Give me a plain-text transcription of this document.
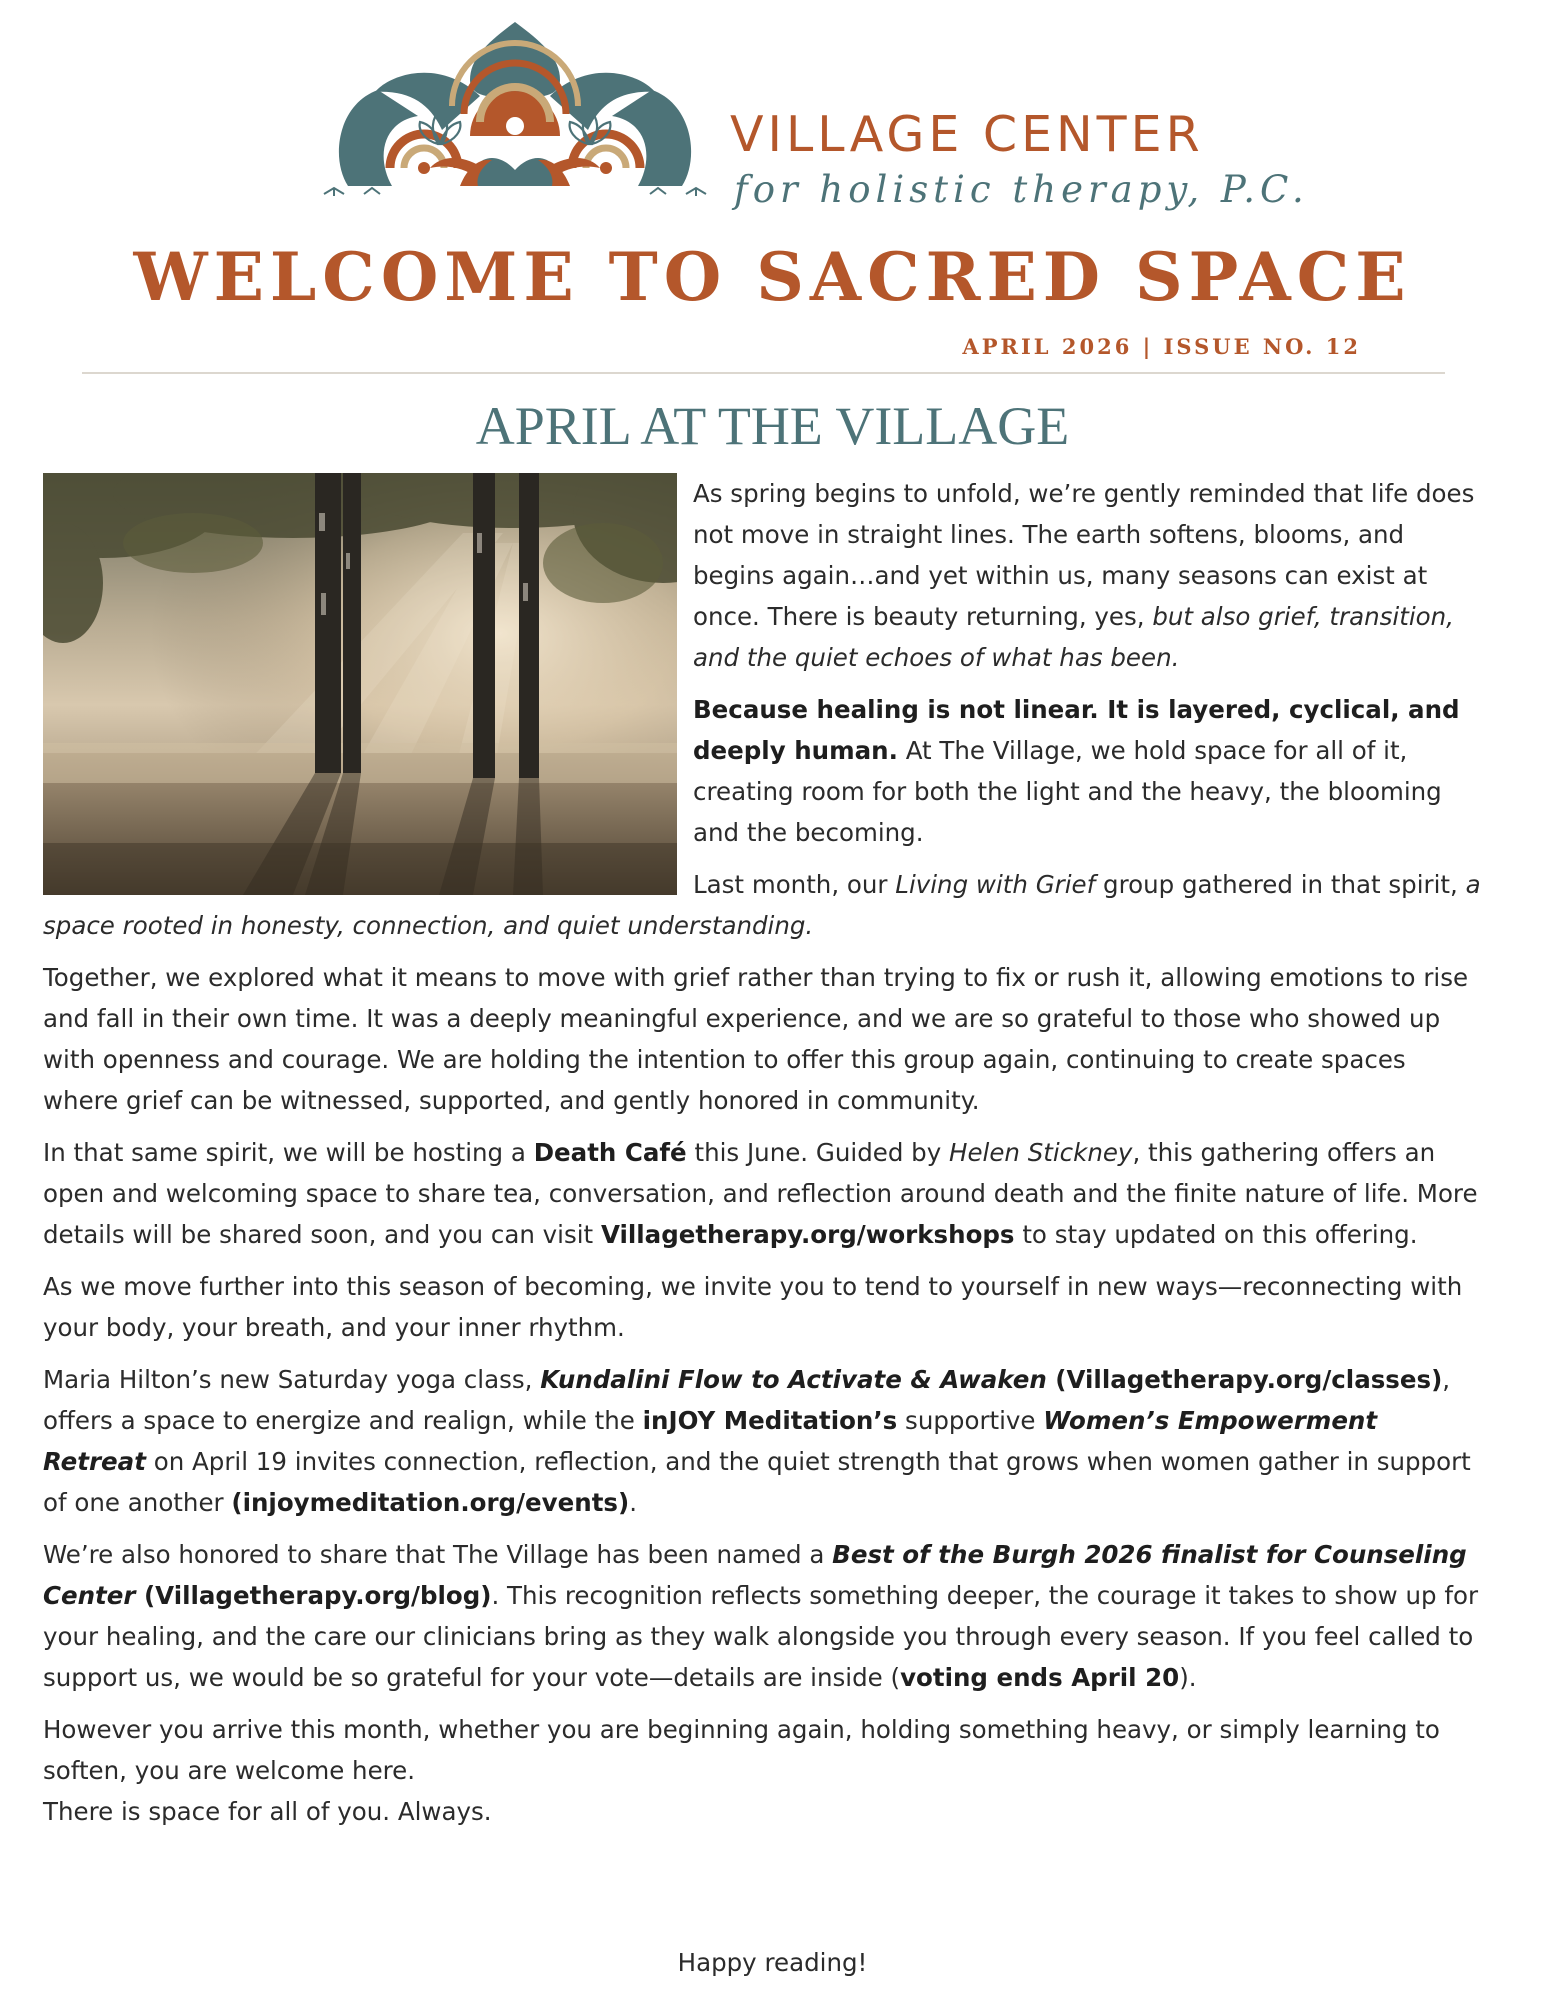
VILLAGE CENTER
for holistic therapy, P.C.
WELCOME TO SACRED SPACE
APRIL 2026 | ISSUE NO. 12
APRIL AT THE VILLAGE

As spring begins to unfold, we’re gently reminded that life does not move in straight lines. The earth softens, blooms, and begins again…and yet within us, many seasons can exist at once. There is beauty returning, yes, but also grief, transition, and the quiet echoes of what has been.

Because healing is not linear. It is layered, cyclical, and deeply human. At The Village, we hold space for all of it, creating room for both the light and the heavy, the blooming and the becoming.

Last month, our Living with Grief group gathered in that spirit, a space rooted in honesty, connection, and quiet understanding.

Together, we explored what it means to move with grief rather than trying to fix or rush it, allowing emotions to rise and fall in their own time. It was a deeply meaningful experience, and we are so grateful to those who showed up with openness and courage. We are holding the intention to offer this group again, continuing to create spaces where grief can be witnessed, supported, and gently honored in community.

In that same spirit, we will be hosting a Death Café this June. Guided by Helen Stickney, this gathering offers an open and welcoming space to share tea, conversation, and reflection around death and the finite nature of life. More details will be shared soon, and you can visit Villagetherapy.org/workshops to stay updated on this offering.

As we move further into this season of becoming, we invite you to tend to yourself in new ways—reconnecting with your body, your breath, and your inner rhythm.

Maria Hilton’s new Saturday yoga class, Kundalini Flow to Activate & Awaken (Villagetherapy.org/classes), offers a space to energize and realign, while the inJOY Meditation’s supportive Women’s Empowerment Retreat on April 19 invites connection, reflection, and the quiet strength that grows when women gather in support of one another (injoymeditation.org/events).

We’re also honored to share that The Village has been named a Best of the Burgh 2026 finalist for Counseling Center (Villagetherapy.org/blog). This recognition reflects something deeper, the courage it takes to show up for your healing, and the care our clinicians bring as they walk alongside you through every season. If you feel called to support us, we would be so grateful for your vote—details are inside (voting ends April 20).

However you arrive this month, whether you are beginning again, holding something heavy, or simply learning to soften, you are welcome here.

There is space for all of you. Always.

Happy reading!
